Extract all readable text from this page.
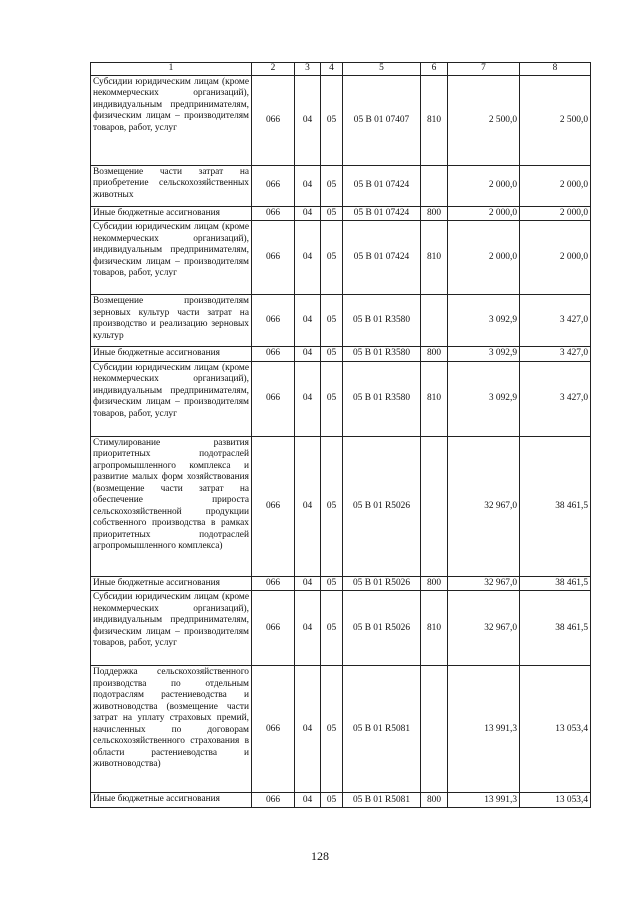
1	2	3	4	5	6	7	8
Субсидии юридическим лицам (кроме некоммерческих организаций), индивидуальным предпринимателям, физическим лицам – производителям товаров, работ, услуг	066	04	05	05 В 01 07407	810	2 500,0	2 500,0
Возмещение части затрат на приобретение сельскохозяйственных животных	066	04	05	05 В 01 07424		2 000,0	2 000,0
Иные бюджетные ассигнования	066	04	05	05 В 01 07424	800	2 000,0	2 000,0
Субсидии юридическим лицам (кроме некоммерческих организаций), индивидуальным предпринимателям, физическим лицам – производителям товаров, работ, услуг	066	04	05	05 В 01 07424	810	2 000,0	2 000,0
Возмещение производителям зерновых культур части затрат на производство и реализацию зерновых культур	066	04	05	05 В 01 R3580		3 092,9	3 427,0
Иные бюджетные ассигнования	066	04	05	05 В 01 R3580	800	3 092,9	3 427,0
Субсидии юридическим лицам (кроме некоммерческих организаций), индивидуальным предпринимателям, физическим лицам – производителям товаров, работ, услуг	066	04	05	05 В 01 R3580	810	3 092,9	3 427,0
Стимулирование развития приоритетных подотраслей агропромышленного комплекса и развитие малых форм хозяйствования (возмещение части затрат на обеспечение прироста сельскохозяйственной продукции собственного производства в рамках приоритетных подотраслей агропромышленного комплекса)	066	04	05	05 В 01 R5026		32 967,0	38 461,5
Иные бюджетные ассигнования	066	04	05	05 В 01 R5026	800	32 967,0	38 461,5
Субсидии юридическим лицам (кроме некоммерческих организаций), индивидуальным предпринимателям, физическим лицам – производителям товаров, работ, услуг	066	04	05	05 В 01 R5026	810	32 967,0	38 461,5
Поддержка сельскохозяйственного производства по отдельным подотраслям растениеводства и животноводства (возмещение части затрат на уплату страховых премий, начисленных по договорам сельскохозяйственного страхования в области растениеводства и животноводства)	066	04	05	05 В 01 R5081		13 991,3	13 053,4
Иные бюджетные ассигнования	066	04	05	05 В 01 R5081	800	13 991,3	13 053,4
128
